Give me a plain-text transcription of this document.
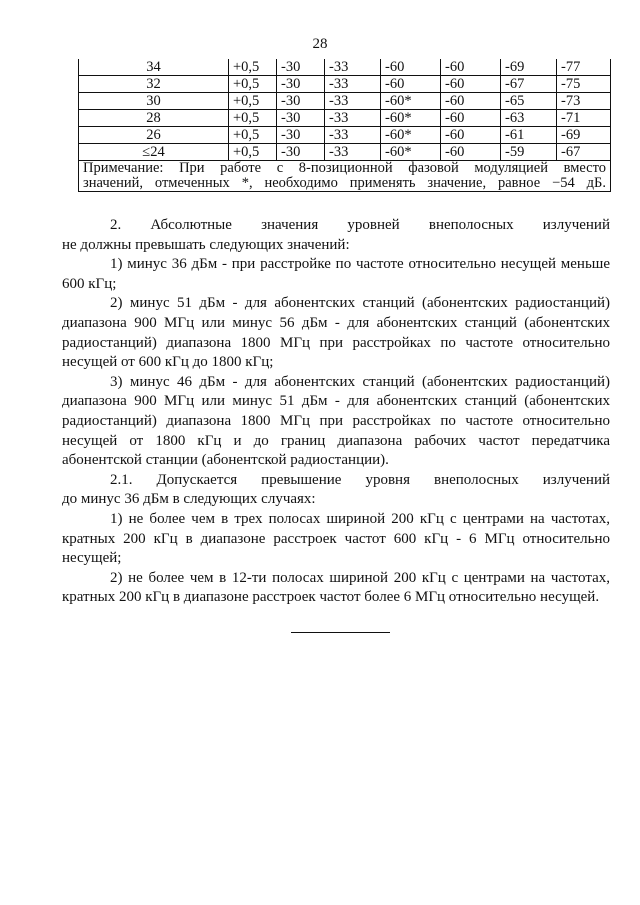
28
34	+0,5	-30	-33	-60	-60	-69	-77
32	+0,5	-30	-33	-60	-60	-67	-75
30	+0,5	-30	-33	-60*	-60	-65	-73
28	+0,5	-30	-33	-60*	-60	-63	-71
26	+0,5	-30	-33	-60*	-60	-61	-69
≤24	+0,5	-30	-33	-60*	-60	-59	-67

Примечание: При работе с 8-позиционной фазовой модуляцией вместо
значений, отмеченных *, необходимо применять значение, равное −54 дБ.							

2. Абсолютные значения уровней внеполосных излучений

не должны превышать следующих значений:

1) минус 36 дБм - при расстройке по частоте относительно несущей меньше 600 кГц;

2) минус 51 дБм - для абонентских станций (абонентских радиостанций) диапазона 900 МГц или минус 56 дБм - для абонентских станций (абонентских радиостанций) диапазона 1800 МГц при расстройках по частоте относительно несущей от 600 кГц до 1800 кГц;

3) минус 46 дБм - для абонентских станций (абонентских радиостанций) диапазона 900 МГц или минус 51 дБм - для абонентских станций (абонентских радиостанций) диапазона 1800 МГц при расстройках по частоте относительно несущей от 1800 кГц и до границ диапазона рабочих частот передатчика абонентской станции (абонентской радиостанции).

2.1. Допускается превышение уровня внеполосных излучений

до минус 36 дБм в следующих случаях:

1) не более чем в трех полосах шириной 200 кГц с центрами на частотах, кратных 200 кГц в диапазоне расстроек частот 600 кГц - 6 МГц относительно несущей;

2) не более чем в 12-ти полосах шириной 200 кГц с центрами на частотах, кратных 200 кГц в диапазоне расстроек частот более 6 МГц относительно несущей.
